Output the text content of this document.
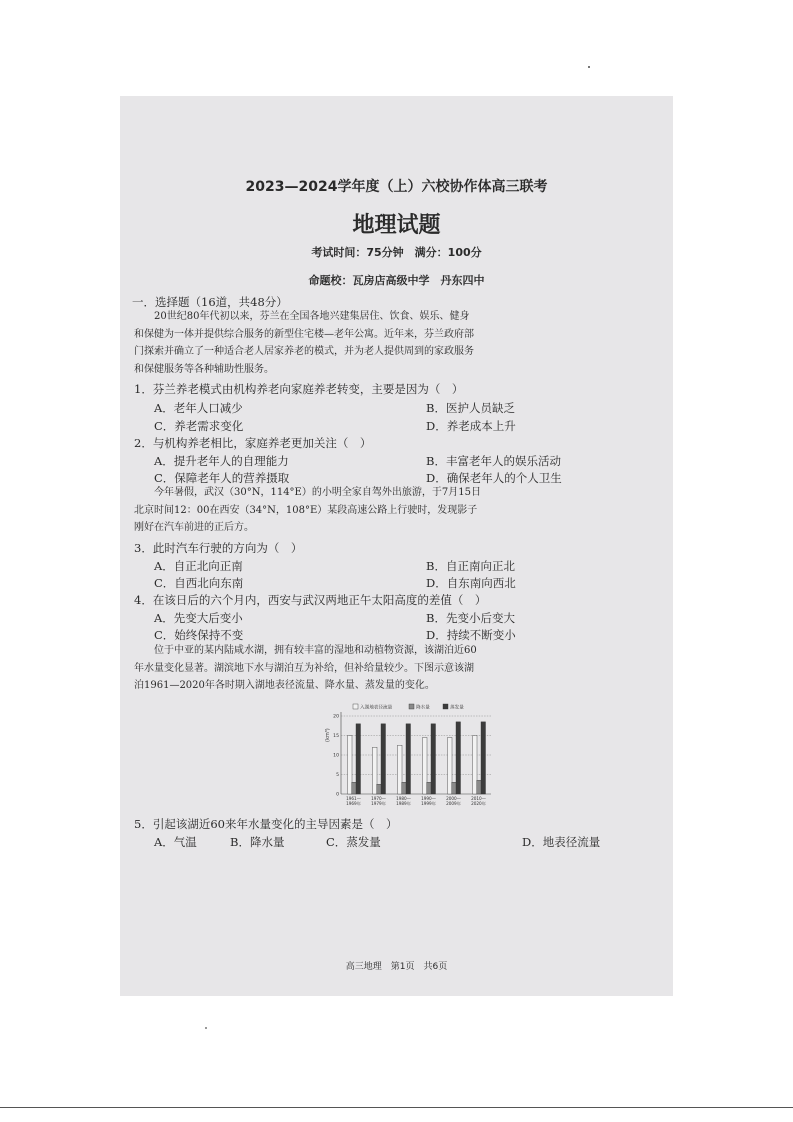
2023—2024学年度（上）六校协作体高三联考
地理试题
考试时间：75分钟　满分：100分
命题校：瓦房店高级中学　丹东四中
一．选择题（16道，共48分）
　　20世纪80年代初以来，芬兰在全国各地兴建集居住、饮食、娱乐、健身
和保健为一体并提供综合服务的新型住宅楼—老年公寓。近年来，芬兰政府部
门探索并确立了一种适合老人居家养老的模式，并为老人提供周到的家政服务
和保健服务等各种辅助性服务。
1．芬兰养老模式由机构养老向家庭养老转变，主要是因为（　）
A．老年人口减少	B．医护人员缺乏
C．养老需求变化	D．养老成本上升
2．与机构养老相比，家庭养老更加关注（　）
A．提升老年人的自理能力	B．丰富老年人的娱乐活动
C．保障老年人的营养摄取	D．确保老年人的个人卫生
　　今年暑假，武汉（30°N，114°E）的小明全家自驾外出旅游，于7月15日
北京时间12：00在西安（34°N，108°E）某段高速公路上行驶时，发现影子
刚好在汽车前进的正后方。
3．此时汽车行驶的方向为（　）
A．自正北向正南	B．自正南向正北
C．自西北向东南	D．自东南向西北
4．在该日后的六个月内，西安与武汉两地正午太阳高度的差值（　）
A．先变大后变小	B．先变小后变大
C．始终保持不变	D．持续不断变小
　　位于中亚的某内陆咸水湖，拥有较丰富的湿地和动植物资源，该湖泊近60
年水量变化显著。湖滨地下水与湖泊互为补给，但补给量较少。下图示意该湖
泊1961—2020年各时期入湖地表径流量、降水量、蒸发量的变化。
入湖地表径流量	降水量	蒸发量
(km³)
20
15
10
5
0
1961—
1969年
1970—
1979年
1980—
1989年
1990—
1999年
2000—
2009年
2010—
2020年
5．引起该湖近60来年水量变化的主导因素是（　）
A．气温	B．降水量	C．蒸发量	D．地表径流量
高三地理　第1页　共6页
